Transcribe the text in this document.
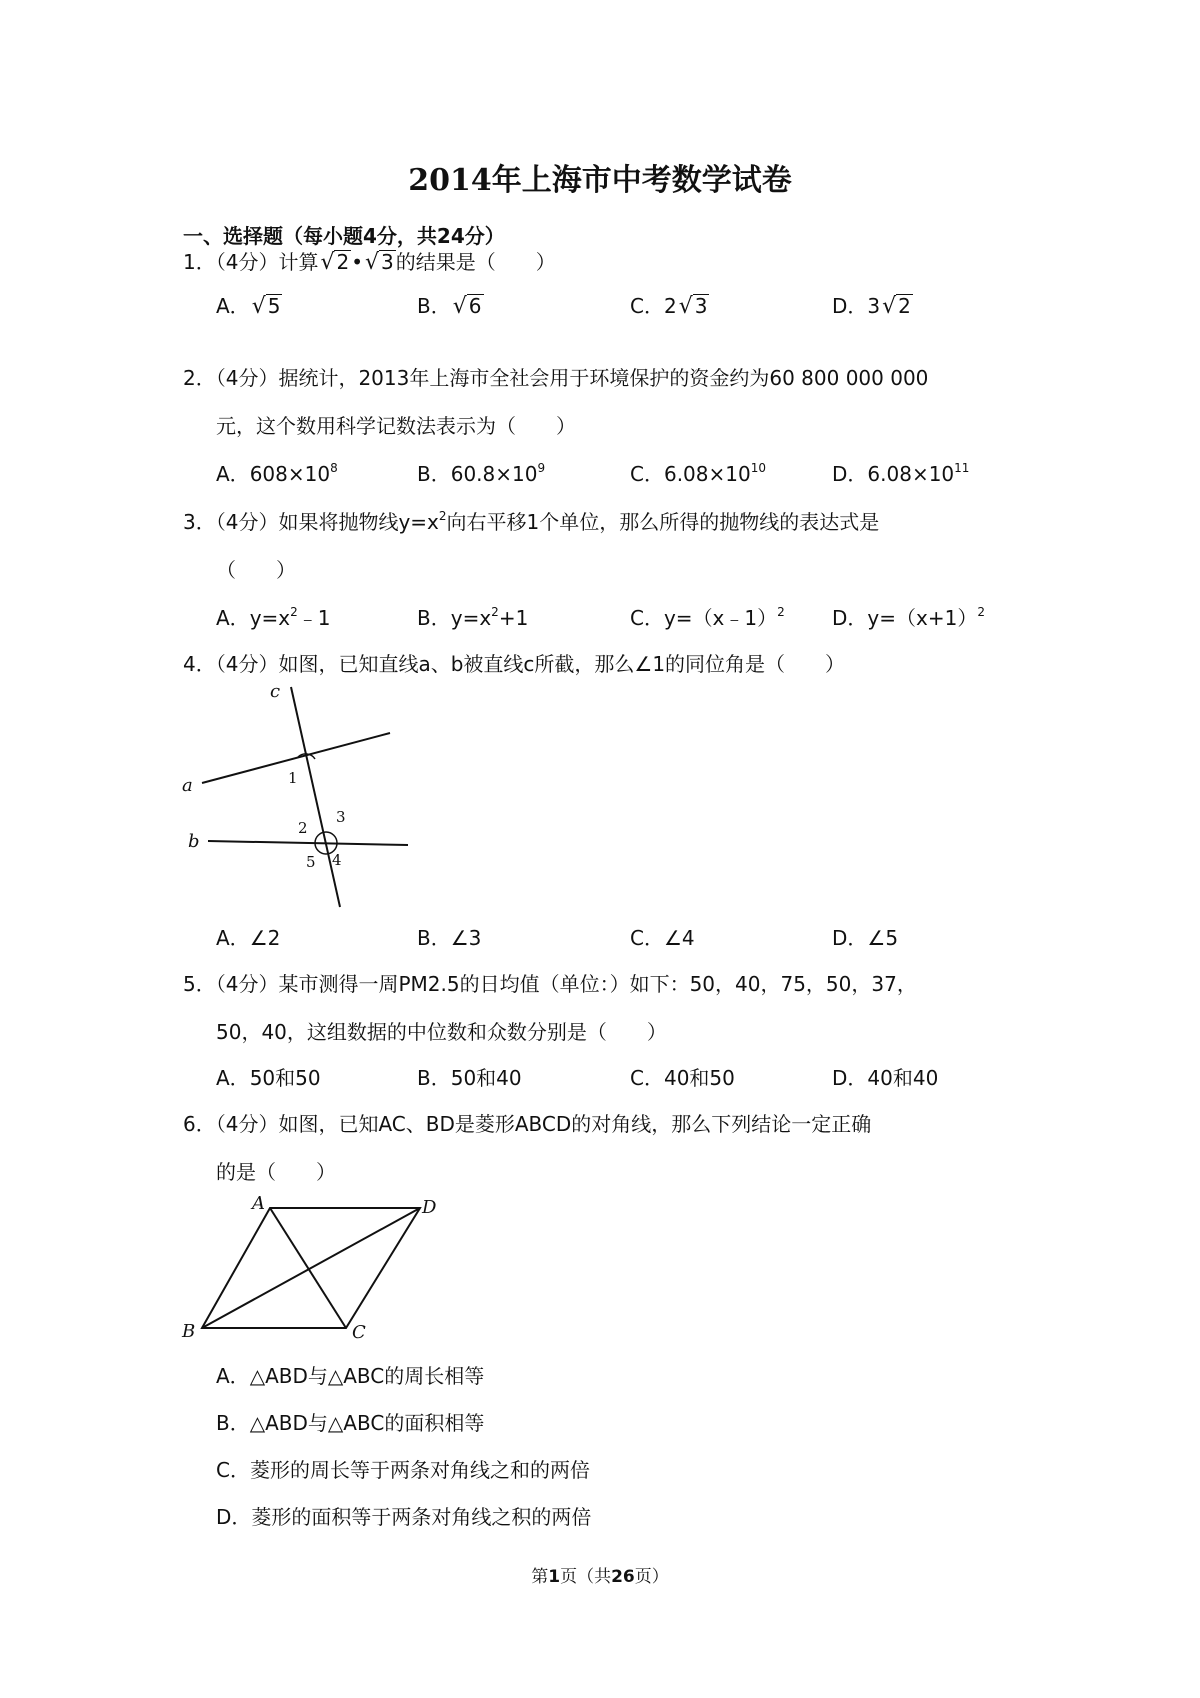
2014年上海市中考数学试卷
一、选择题（每小题4分，共24分）
1．（4分）计算√ 2 •√ 3 的结果是（　　）
A．√ 5	B．√ 6	C．2√ 3	D．3√ 2
2．（4分）据统计，2013年上海市全社会用于环境保护的资金约为60 800 000 000
元，这个数用科学记数法表示为（　　）
A．$608\times 10^8$	B．$60.8\times 10^9$	C．$6.08\times 10^{10}$	D．$6.08\times 10^{11}$
3．（4分）如果将抛物线$y=x^2$向右平移1个单位，那么所得的抛物线的表达式是
（　　）
A．$y=x^2﹣1$	B．$y=x^2+1$	C．y=（x﹣1）$^2$ D．$y=(x+1)^2$
4．（4分）如图，已知直线a、b被直线c所截，那么∠1的同位角是（　　）
c
a
b
1
2
3
4
5
A．∠2	B．∠3	C．∠4	D．∠5
5．（4分）某市测得一周PM2.5的日均值（单位：）如下：50，40，75，50，37，
50，40，这组数据的中位数和众数分别是（　　）
A．50和50	B．50和40	C．40和50	D．40和40
6．（4分）如图，已知AC、BD是菱形ABCD的对角线，那么下列结论一定正确
的是（　　）
A	D
B	C
A．△ABD与△ABC的周长相等
B．△ABD与△ABC的面积相等
C．菱形的周长等于两条对角线之和的两倍
D．菱形的面积等于两条对角线之积的两倍
第1页（共26页）
